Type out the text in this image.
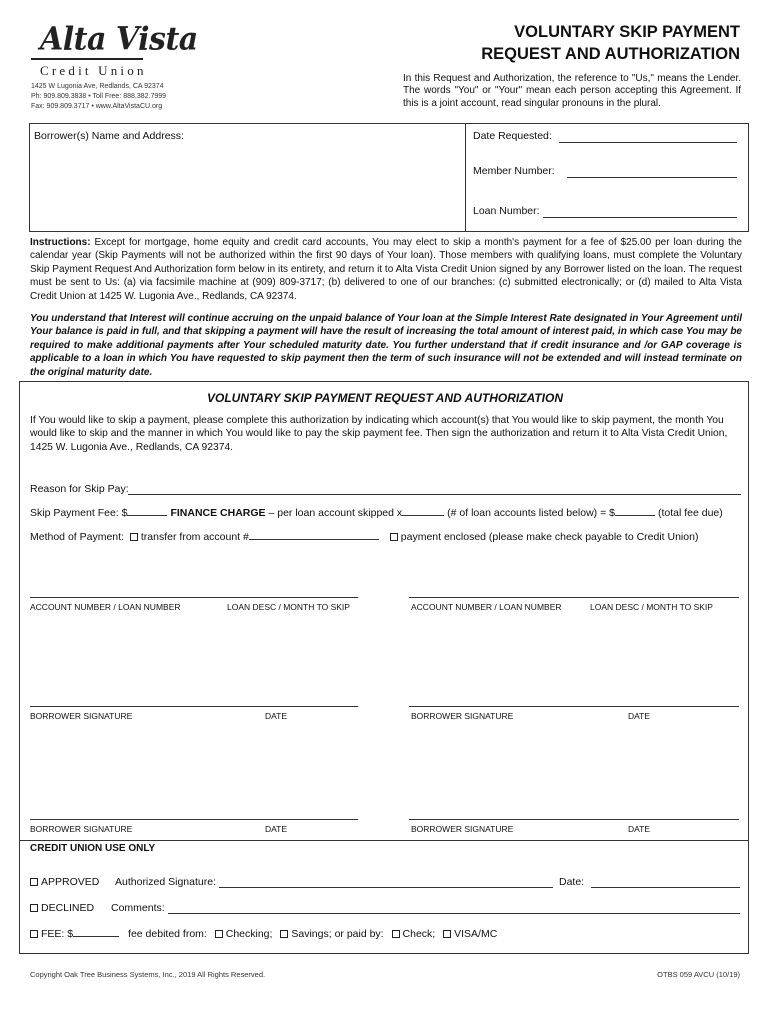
Alta Vista
Credit Union
1425 W Lugonia Ave, Redlands, CA 92374
Ph: 909.809.3838 • Toll Free: 888.382.7999
Fax: 909.809.3717 • www.AltaVistaCU.org
VOLUNTARY SKIP PAYMENT
REQUEST AND AUTHORIZATION
In this Request and Authorization, the reference to "Us," means the Lender. The words "You" or "Your" mean each person accepting this Agreement. If this is a joint account, read singular pronouns in the plural.
Borrower(s) Name and Address:	Date Requested:
Member Number:
Loan Number:
Instructions: Except for mortgage, home equity and credit card accounts, You may elect to skip a month's payment for a fee of $25.00 per loan during the calendar year (Skip Payments will not be authorized within the first 90 days of Your loan). Those members with qualifying loans, must complete the Voluntary Skip Payment Request And Authorization form below in its entirety, and return it to Alta Vista Credit Union signed by any Borrower listed on the loan. The request must be sent to Us: (a) via facsimile machine at (909) 809-3717; (b) delivered to one of our branches: (c) submitted electronically; or (d) mailed to Alta Vista Credit Union at 1425 W. Lugonia Ave., Redlands, CA 92374.
You understand that Interest will continue accruing on the unpaid balance of Your loan at the Simple Interest Rate designated in Your Agreement until Your balance is paid in full, and that skipping a payment will have the result of increasing the total amount of interest paid, in which case You may be required to make additional payments after Your scheduled maturity date. You further understand that if credit insurance and /or GAP coverage is applicable to a loan in which You have requested to skip payment then the term of such insurance will not be extended and will instead terminate on the original maturity date.
VOLUNTARY SKIP PAYMENT REQUEST AND AUTHORIZATION
If You would like to skip a payment, please complete this authorization by indicating which account(s) that You would like to skip payment, the month You would like to skip and the manner in which You would like to pay the skip payment fee. Then sign the authorization and return it to Alta Vista Credit Union, 1425 W. Lugonia Ave., Redlands, CA 92374.
Reason for Skip Pay:
Skip Payment Fee: $	FINANCE CHARGE – per loan account skipped x	(# of loan accounts listed below) = $	(total fee due)
Method of Payment: transfer from account #	payment enclosed (please make check payable to Credit Union)
ACCOUNT NUMBER / LOAN NUMBER	LOAN DESC / MONTH TO SKIP	ACCOUNT NUMBER / LOAN NUMBER	LOAN DESC / MONTH TO SKIP
BORROWER SIGNATURE	DATE	BORROWER SIGNATURE	DATE
BORROWER SIGNATURE	DATE	BORROWER SIGNATURE	DATE
CREDIT UNION USE ONLY
APPROVED Authorized Signature:	Date:
DECLINED Comments:
FEE: $	fee debited from: Checking; Savings; or paid by: Check; VISA/MC
Copyright Oak Tree Business Systems, Inc., 2019 All Rights Reserved.	OTBS 059 AVCU (10/19)
